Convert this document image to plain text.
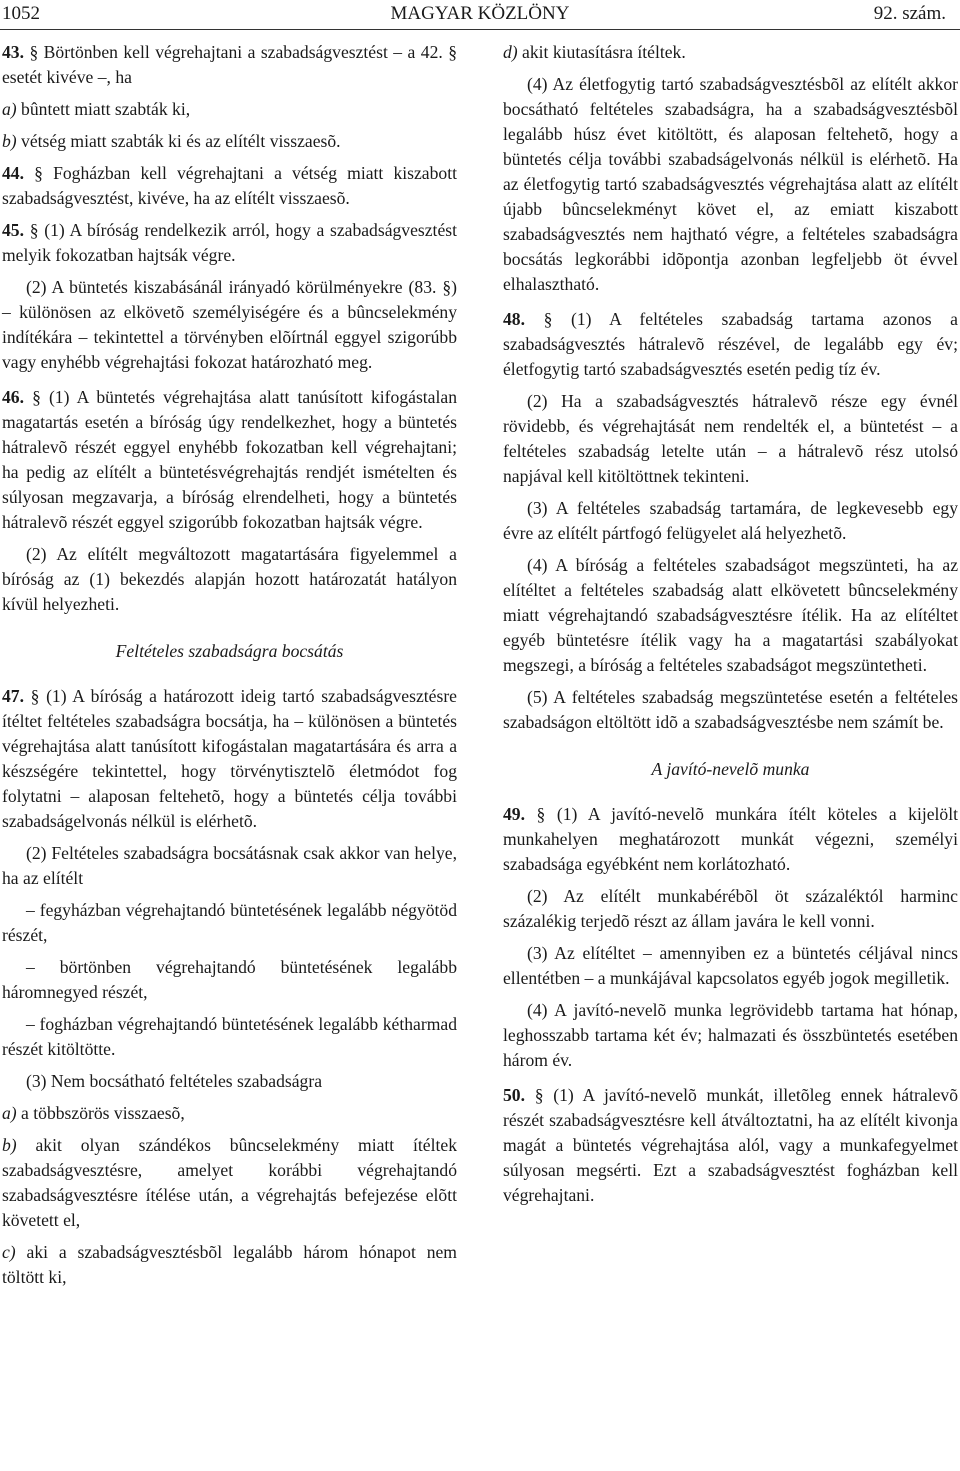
1052	MAGYAR KÖZLÖNY	92. szám.

43. § Börtönben kell végrehajtani a szabadságvesztést – a 42. § esetét kivéve –, ha

a) bûntett miatt szabták ki,

b) vétség miatt szabták ki és az elítélt visszaesõ.

44. § Fogházban kell végrehajtani a vétség miatt kiszabott szabadságvesztést, kivéve, ha az elítélt visszaesõ.

45. § (1) A bíróság rendelkezik arról, hogy a szabadságvesztést melyik fokozatban hajtsák végre.

(2) A büntetés kiszabásánál irányadó körülményekre (83. §) – különösen az elkövetõ személyiségére és a bûncselekmény indítékára – tekintettel a törvényben elõírtnál eggyel szigorúbb vagy enyhébb végrehajtási fokozat határozható meg.

46. § (1) A büntetés végrehajtása alatt tanúsított kifogástalan magatartás esetén a bíróság úgy rendelkezhet, hogy a büntetés hátralevõ részét eggyel enyhébb fokozatban kell végrehajtani; ha pedig az elítélt a büntetésvégrehajtás rendjét ismételten és súlyosan megzavarja, a bíróság elrendelheti, hogy a büntetés hátralevõ részét eggyel szigorúbb fokozatban hajtsák végre.

(2) Az elítélt megváltozott magatartására figyelemmel a bíróság az (1) bekezdés alapján hozott határozatát hatályon kívül helyezheti.

Feltételes szabadságra bocsátás

47. § (1) A bíróság a határozott ideig tartó szabadságvesztésre ítéltet feltételes szabadságra bocsátja, ha – különösen a büntetés végrehajtása alatt tanúsított kifogástalan magatartására és arra a készségére tekintettel, hogy törvénytisztelõ életmódot fog folytatni – alaposan feltehetõ, hogy a büntetés célja további szabadságelvonás nélkül is elérhetõ.

(2) Feltételes szabadságra bocsátásnak csak akkor van helye, ha az elítélt

– fegyházban végrehajtandó büntetésének legalább négyötöd részét,

– börtönben végrehajtandó büntetésének legalább háromnegyed részét,

– fogházban végrehajtandó büntetésének legalább kétharmad részét kitöltötte.

(3) Nem bocsátható feltételes szabadságra

a) a többszörös visszaesõ,

b) akit olyan szándékos bûncselekmény miatt ítéltek szabadságvesztésre, amelyet korábbi végrehajtandó szabadságvesztésre ítélése után, a végrehajtás befejezése elõtt követett el,

c) aki a szabadságvesztésbõl legalább három hónapot nem töltött ki,

d) akit kiutasításra ítéltek.

(4) Az életfogytig tartó szabadságvesztésbõl az elítélt akkor bocsátható feltételes szabadságra, ha a szabadságvesztésbõl legalább húsz évet kitöltött, és alaposan feltehetõ, hogy a büntetés célja további szabadságelvonás nélkül is elérhetõ. Ha az életfogytig tartó szabadságvesztés végrehajtása alatt az elítélt újabb bûncselekményt követ el, az emiatt kiszabott szabadságvesztés nem hajtható végre, a feltételes szabadságra bocsátás legkorábbi idõpontja azonban legfeljebb öt évvel elhalasztható.

48. § (1) A feltételes szabadság tartama azonos a szabadságvesztés hátralevõ részével, de legalább egy év; életfogytig tartó szabadságvesztés esetén pedig tíz év.

(2) Ha a szabadságvesztés hátralevõ része egy évnél rövidebb, és végrehajtását nem rendelték el, a büntetést – a feltételes szabadság letelte után – a hátralevõ rész utolsó napjával kell kitöltöttnek tekinteni.

(3) A feltételes szabadság tartamára, de legkevesebb egy évre az elítélt pártfogó felügyelet alá helyezhetõ.

(4) A bíróság a feltételes szabadságot megszünteti, ha az elítéltet a feltételes szabadság alatt elkövetett bûncselekmény miatt végrehajtandó szabadságvesztésre ítélik. Ha az elítéltet egyéb büntetésre ítélik vagy ha a magatartási szabályokat megszegi, a bíróság a feltételes szabadságot megszüntetheti.

(5) A feltételes szabadság megszüntetése esetén a feltételes szabadságon eltöltött idõ a szabadságvesztésbe nem számít be.

A javító-nevelõ munka

49. § (1) A javító-nevelõ munkára ítélt köteles a kijelölt munkahelyen meghatározott munkát végezni, személyi szabadsága egyébként nem korlátozható.

(2) Az elítélt munkabérébõl öt százaléktól harminc százalékig terjedõ részt az állam javára le kell vonni.

(3) Az elítéltet – amennyiben ez a büntetés céljával nincs ellentétben – a munkájával kapcsolatos egyéb jogok megilletik.

(4) A javító-nevelõ munka legrövidebb tartama hat hónap, leghosszabb tartama két év; halmazati és összbüntetés esetében három év.

50. § (1) A javító-nevelõ munkát, illetõleg ennek hátralevõ részét szabadságvesztésre kell átváltoztatni, ha az elítélt kivonja magát a büntetés végrehajtása alól, vagy a munkafegyelmet súlyosan megsérti. Ezt a szabadságvesztést fogházban kell végrehajtani.
